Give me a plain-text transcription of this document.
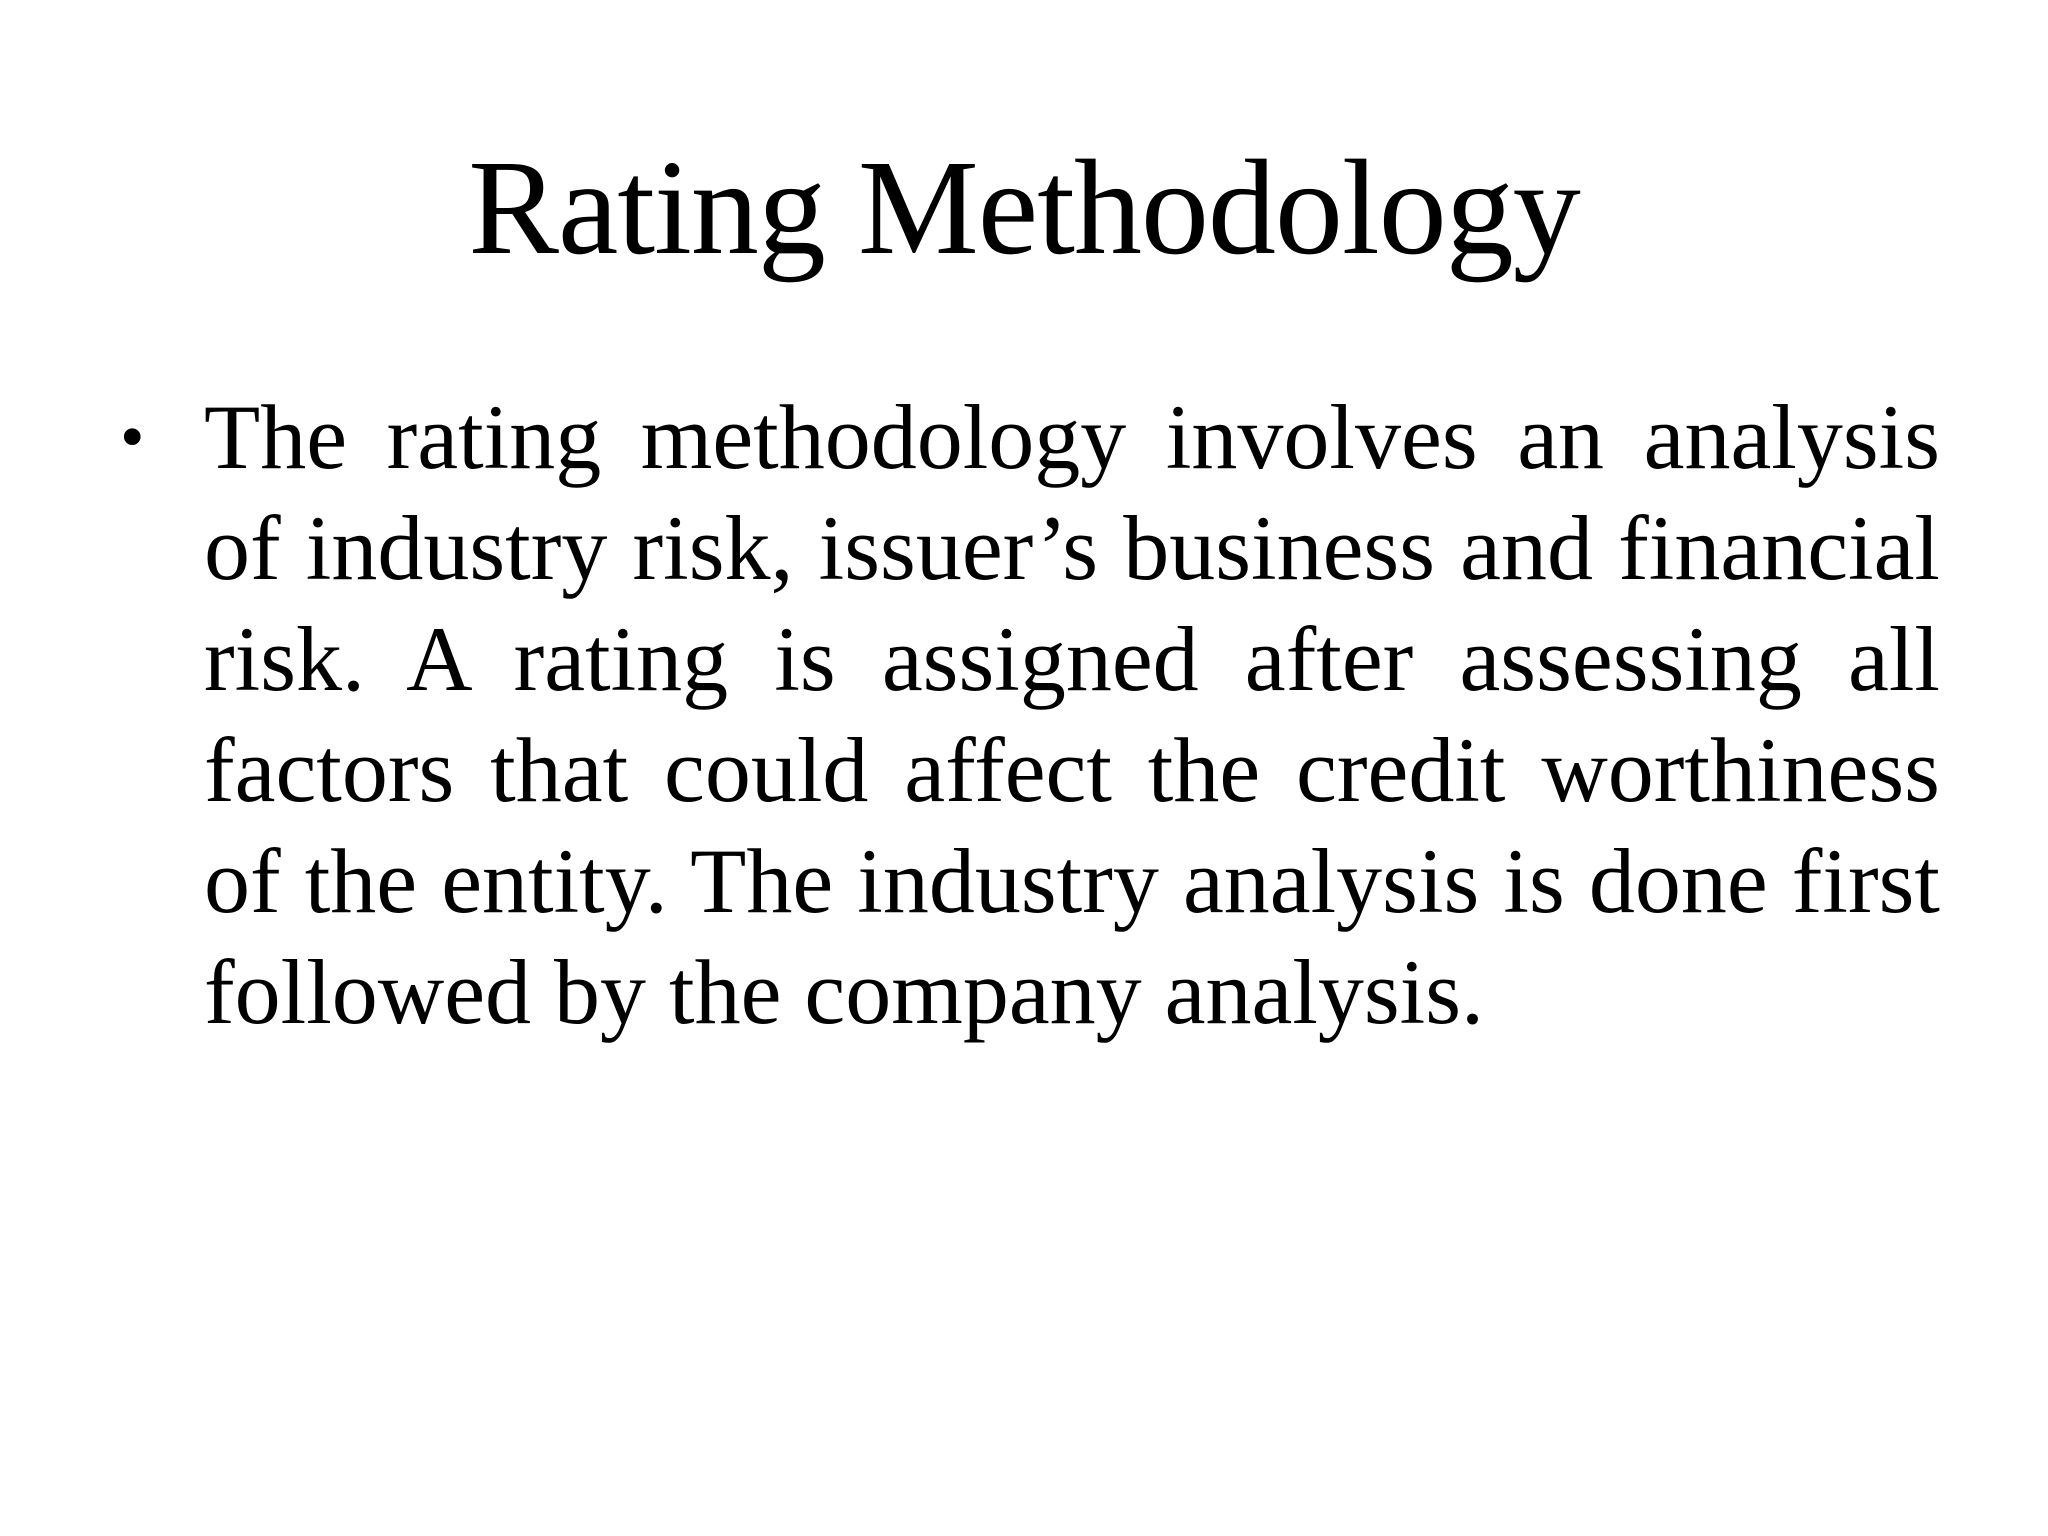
Rating Methodology
• The rating methodology involves an analysis of industry risk, issuer’s business and financial risk. A rating is assigned after assessing all factors that could affect the credit worthiness of the entity. The industry analysis is done first followed by the company analysis.
